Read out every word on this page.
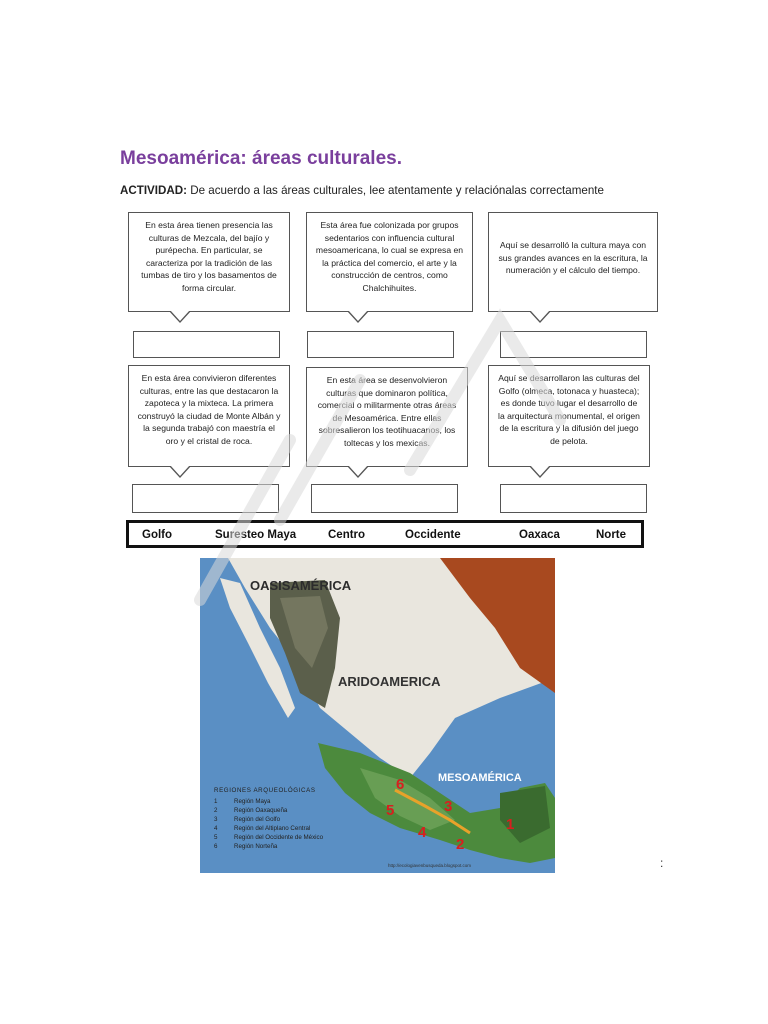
Mesoamérica: áreas culturales.
ACTIVIDAD: De acuerdo a las áreas culturales, lee atentamente y relaciónalas correctamente
En esta área tienen presencia las culturas de Mezcala, del bajío y purépecha. En particular, se caracteriza por la tradición de las tumbas de tiro y los basamentos de forma circular.
Esta área fue colonizada por grupos sedentarios con influencia cultural mesoamericana, lo cual se expresa en la práctica del comercio, el arte y la construcción de centros, como Chalchihuites.
Aquí se desarrolló la cultura maya con sus grandes avances en la escritura, la numeración y el cálculo del tiempo.
En esta área convivieron diferentes culturas, entre las que destacaron la zapoteca y la mixteca. La primera construyó la ciudad de Monte Albán y la segunda trabajó con maestría el oro y el cristal de roca.
En esta área se desenvolvieron culturas que dominaron política, comercial o militarmente otras áreas de Mesoamérica. Entre ellas sobresalieron los teotihuacanos, los toltecas y los mexicas.
Aquí se desarrollaron las culturas del Golfo (olmeca, totonaca y huasteca); es donde tuvo lugar el desarrollo de la arquitectura monumental, el origen de la escritura y la difusión del juego de pelota.
Golfo	Suresteo Maya	Centro	Occidente	Oaxaca	Norte
OASISAMÉRICA
ARIDOAMERICA
MESOAMÉRICA
6
3
5
4
2
1
REGIONES ARQUEOLÓGICAS
1	Región Maya
2	Región Oaxaqueña
3	Región del Golfo
4	Región del Altiplano Central
5	Región del Occidente de México
6	Región Norteña
http://ecologiavenbusqueda.blogspot.com	:
